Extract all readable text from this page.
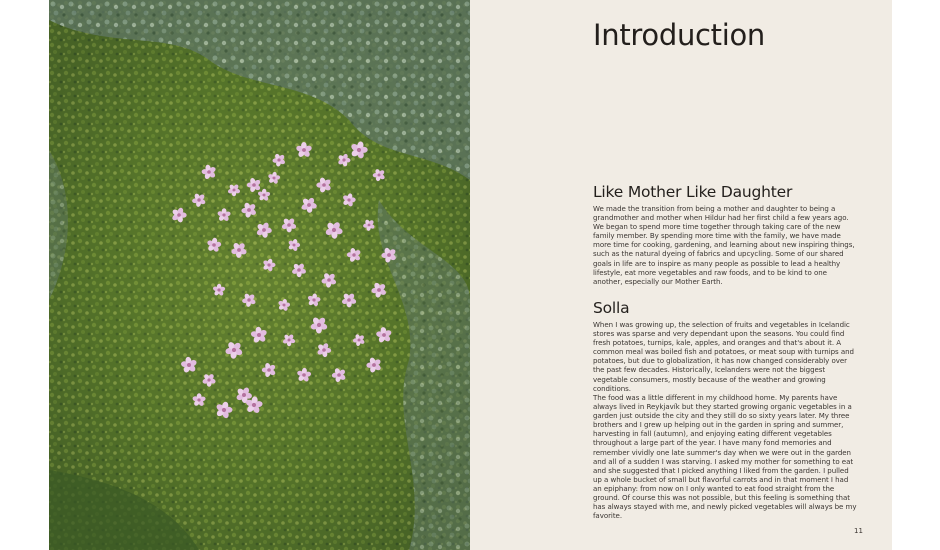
Introduction
Like Mother Like Daughter
We made the transition from being a mother and daughter to being a grandmother and mother when Hildur had her first child a few years ago. We began to spend more time together through taking care of the new family member. By spending more time with the family, we have made more time for cooking, gardening, and learning about new inspiring things, such as the natural dyeing of fabrics and upcycling. Some of our shared goals in life are to inspire as many people as possible to lead a healthy lifestyle, eat more vegetables and raw foods, and to be kind to one another, especially our Mother Earth.
Solla
When I was growing up, the selection of fruits and vegetables in Icelandic stores was sparse and very dependant upon the seasons. You could find fresh potatoes, turnips, kale, apples, and oranges and that's about it. A common meal was boiled fish and potatoes, or meat soup with turnips and potatoes, but due to globalization, it has now changed considerably over the past few decades. Historically, Icelanders were not the biggest vegetable consumers, mostly because of the weather and growing conditions.
The food was a little different in my childhood home. My parents have always lived in Reykjavík but they started growing organic vegetables in a garden just outside the city and they still do so sixty years later. My three brothers and I grew up helping out in the garden in spring and summer, harvesting in fall (autumn), and enjoying eating different vegetables throughout a large part of the year. I have many fond memories and remember vividly one late summer's day when we were out in the garden and all of a sudden I was starving. I asked my mother for something to eat and she suggested that I picked anything I liked from the garden. I pulled up a whole bucket of small but flavorful carrots and in that moment I had an epiphany: from now on I only wanted to eat food straight from the ground. Of course this was not possible, but this feeling is something that has always stayed with me, and newly picked vegetables will always be my favorite.
11
